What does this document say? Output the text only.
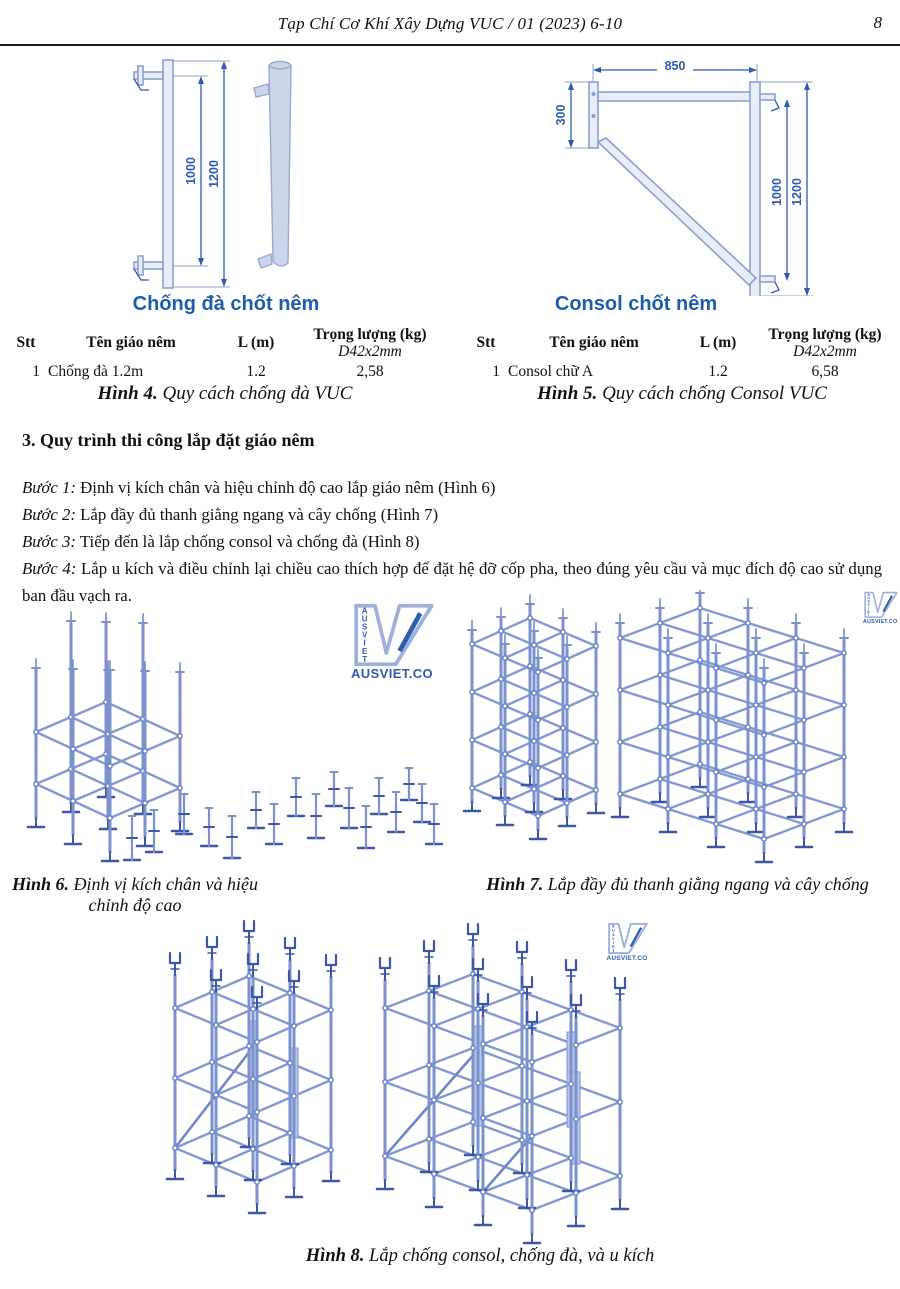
Tạp Chí Cơ Khí Xây Dựng VUC / 01 (2023) 6-10	8
1000 1200
Chống đà chốt nêm
850
300
1000 1200
Consol chốt nêm
Stt	Tên giáo nêm	L (m)	Trọng lượng (kg)
D42x2mm
1 Chống đà 1.2m	1.2	2,58
Hình 4. Quy cách chống đà VUC
Stt	Tên giáo nêm	L (m)	Trọng lượng (kg)
D42x2mm
1 Consol chữ A	1.2	6,58
Hình 5. Quy cách chống Consol VUC
3. Quy trình thi công lắp đặt giáo nêm

Bước 1: Định vị kích chân và hiệu chỉnh độ cao lắp giáo nêm (Hình 6)

Bước 2: Lắp đầy đủ thanh giằng ngang và cây chống (Hình 7)

Bước 3: Tiếp đến là lắp chống consol và chống đà (Hình 8)

Bước 4: Lắp u kích và điều chỉnh lại chiều cao thích hợp để đặt hệ đỡ cốp pha, theo đúng yêu cầu và mục đích độ cao sử dụng ban đầu vạch ra.

A U S V I E T
AUSVIET.CO
A U S V I E T
AUSVIET.CO
Hình 6. Định vị kích chân và hiệu chỉnh độ cao
Hình 7. Lắp đầy đủ thanh giằng ngang và cây chống
A U S V I E T
AUSVIET.CO
Hình 8. Lắp chống consol, chống đà, và u kích
